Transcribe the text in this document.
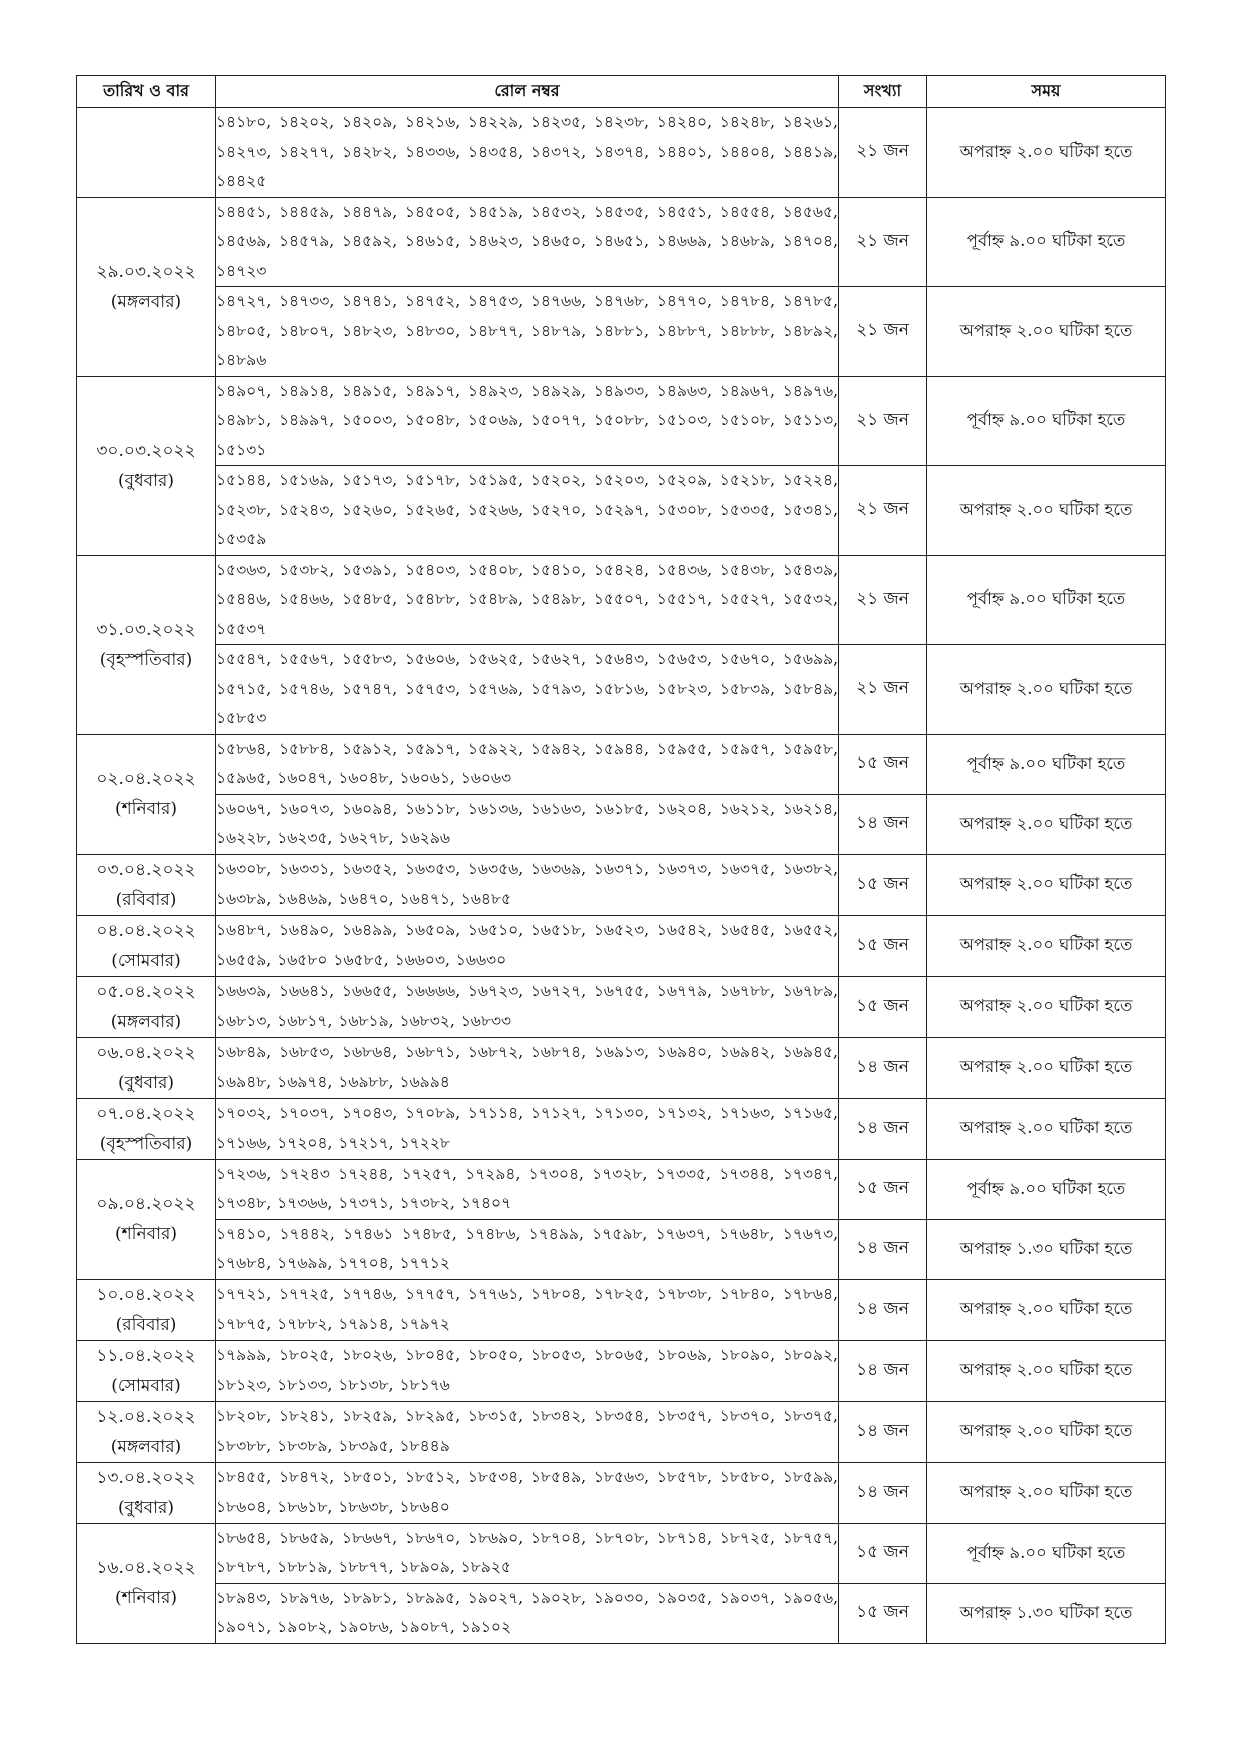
তারিখ ও বার	রোল নম্বর	সংখ্যা	সময়

	১৪১৮০, ১৪২০২, ১৪২০৯, ১৪২১৬, ১৪২২৯, ১৪২৩৫, ১৪২৩৮, ১৪২৪০, ১৪২৪৮, ১৪২৬১, ১৪২৭৩, ১৪২৭৭, ১৪২৮২, ১৪৩৩৬, ১৪৩৫৪, ১৪৩৭২, ১৪৩৭৪, ১৪৪০১, ১৪৪০৪, ১৪৪১৯, ১৪৪২৫	২১ জন	অপরাহ্ন ২.০০ ঘটিকা হতে

২৯.০৩.২০২২
(মঙ্গলবার)	১৪৪৫১, ১৪৪৫৯, ১৪৪৭৯, ১৪৫০৫, ১৪৫১৯, ১৪৫৩২, ১৪৫৩৫, ১৪৫৫১, ১৪৫৫৪, ১৪৫৬৫, ১৪৫৬৯, ১৪৫৭৯, ১৪৫৯২, ১৪৬১৫, ১৪৬২৩, ১৪৬৫০, ১৪৬৫১, ১৪৬৬৯, ১৪৬৮৯, ১৪৭০৪, ১৪৭২৩	২১ জন	পূর্বাহ্ন ৯.০০ ঘটিকা হতে
	১৪৭২৭, ১৪৭৩৩, ১৪৭৪১, ১৪৭৫২, ১৪৭৫৩, ১৪৭৬৬, ১৪৭৬৮, ১৪৭৭০, ১৪৭৮৪, ১৪৭৮৫, ১৪৮০৫, ১৪৮০৭, ১৪৮২৩, ১৪৮৩০, ১৪৮৭৭, ১৪৮৭৯, ১৪৮৮১, ১৪৮৮৭, ১৪৮৮৮, ১৪৮৯২, ১৪৮৯৬	২১ জন	অপরাহ্ন ২.০০ ঘটিকা হতে

৩০.০৩.২০২২
(বুধবার)	১৪৯০৭, ১৪৯১৪, ১৪৯১৫, ১৪৯১৭, ১৪৯২৩, ১৪৯২৯, ১৪৯৩৩, ১৪৯৬৩, ১৪৯৬৭, ১৪৯৭৬, ১৪৯৮১, ১৪৯৯৭, ১৫০০৩, ১৫০৪৮, ১৫০৬৯, ১৫০৭৭, ১৫০৮৮, ১৫১০৩, ১৫১০৮, ১৫১১৩, ১৫১৩১	২১ জন	পূর্বাহ্ন ৯.০০ ঘটিকা হতে
	১৫১৪৪, ১৫১৬৯, ১৫১৭৩, ১৫১৭৮, ১৫১৯৫, ১৫২০২, ১৫২০৩, ১৫২০৯, ১৫২১৮, ১৫২২৪, ১৫২৩৮, ১৫২৪৩, ১৫২৬০, ১৫২৬৫, ১৫২৬৬, ১৫২৭০, ১৫২৯৭, ১৫৩০৮, ১৫৩৩৫, ১৫৩৪১, ১৫৩৫৯	২১ জন	অপরাহ্ন ২.০০ ঘটিকা হতে

৩১.০৩.২০২২
(বৃহস্পতিবার)	১৫৩৬৩, ১৫৩৮২, ১৫৩৯১, ১৫৪০৩, ১৫৪০৮, ১৫৪১০, ১৫৪২৪, ১৫৪৩৬, ১৫৪৩৮, ১৫৪৩৯, ১৫৪৪৬, ১৫৪৬৬, ১৫৪৮৫, ১৫৪৮৮, ১৫৪৮৯, ১৫৪৯৮, ১৫৫০৭, ১৫৫১৭, ১৫৫২৭, ১৫৫৩২, ১৫৫৩৭	২১ জন	পূর্বাহ্ন ৯.০০ ঘটিকা হতে
	১৫৫৪৭, ১৫৫৬৭, ১৫৫৮৩, ১৫৬০৬, ১৫৬২৫, ১৫৬২৭, ১৫৬৪৩, ১৫৬৫৩, ১৫৬৭০, ১৫৬৯৯, ১৫৭১৫, ১৫৭৪৬, ১৫৭৪৭, ১৫৭৫৩, ১৫৭৬৯, ১৫৭৯৩, ১৫৮১৬, ১৫৮২৩, ১৫৮৩৯, ১৫৮৪৯, ১৫৮৫৩	২১ জন	অপরাহ্ন ২.০০ ঘটিকা হতে

০২.০৪.২০২২
(শনিবার)	১৫৮৬৪, ১৫৮৮৪, ১৫৯১২, ১৫৯১৭, ১৫৯২২, ১৫৯৪২, ১৫৯৪৪, ১৫৯৫৫, ১৫৯৫৭, ১৫৯৫৮, ১৫৯৬৫, ১৬০৪৭, ১৬০৪৮, ১৬০৬১, ১৬০৬৩	১৫ জন	পূর্বাহ্ন ৯.০০ ঘটিকা হতে
	১৬০৬৭, ১৬০৭৩, ১৬০৯৪, ১৬১১৮, ১৬১৩৬, ১৬১৬৩, ১৬১৮৫, ১৬২০৪, ১৬২১২, ১৬২১৪, ১৬২২৮, ১৬২৩৫, ১৬২৭৮, ১৬২৯৬	১৪ জন	অপরাহ্ন ২.০০ ঘটিকা হতে

০৩.০৪.২০২২
(রবিবার)	১৬৩০৮, ১৬৩৩১, ১৬৩৫২, ১৬৩৫৩, ১৬৩৫৬, ১৬৩৬৯, ১৬৩৭১, ১৬৩৭৩, ১৬৩৭৫, ১৬৩৮২, ১৬৩৮৯, ১৬৪৬৯, ১৬৪৭০, ১৬৪৭১, ১৬৪৮৫	১৫ জন	অপরাহ্ন ২.০০ ঘটিকা হতে

০৪.০৪.২০২২
(সোমবার)	১৬৪৮৭, ১৬৪৯০, ১৬৪৯৯, ১৬৫০৯, ১৬৫১০, ১৬৫১৮, ১৬৫২৩, ১৬৫৪২, ১৬৫৪৫, ১৬৫৫২, ১৬৫৫৯, ১৬৫৮০ ১৬৫৮৫, ১৬৬০৩, ১৬৬৩০	১৫ জন	অপরাহ্ন ২.০০ ঘটিকা হতে

০৫.০৪.২০২২
(মঙ্গলবার)	১৬৬৩৯, ১৬৬৪১, ১৬৬৫৫, ১৬৬৬৬, ১৬৭২৩, ১৬৭২৭, ১৬৭৫৫, ১৬৭৭৯, ১৬৭৮৮, ১৬৭৮৯, ১৬৮১৩, ১৬৮১৭, ১৬৮১৯, ১৬৮৩২, ১৬৮৩৩	১৫ জন	অপরাহ্ন ২.০০ ঘটিকা হতে

০৬.০৪.২০২২
(বুধবার)	১৬৮৪৯, ১৬৮৫৩, ১৬৮৬৪, ১৬৮৭১, ১৬৮৭২, ১৬৮৭৪, ১৬৯১৩, ১৬৯৪০, ১৬৯৪২, ১৬৯৪৫, ১৬৯৪৮, ১৬৯৭৪, ১৬৯৮৮, ১৬৯৯৪	১৪ জন	অপরাহ্ন ২.০০ ঘটিকা হতে

০৭.০৪.২০২২
(বৃহস্পতিবার)	১৭০৩২, ১৭০৩৭, ১৭০৪৩, ১৭০৮৯, ১৭১১৪, ১৭১২৭, ১৭১৩০, ১৭১৩২, ১৭১৬৩, ১৭১৬৫, ১৭১৬৬, ১৭২০৪, ১৭২১৭, ১৭২২৮	১৪ জন	অপরাহ্ন ২.০০ ঘটিকা হতে

০৯.০৪.২০২২
(শনিবার)	১৭২৩৬, ১৭২৪৩ ১৭২৪৪, ১৭২৫৭, ১৭২৯৪, ১৭৩০৪, ১৭৩২৮, ১৭৩৩৫, ১৭৩৪৪, ১৭৩৪৭, ১৭৩৪৮, ১৭৩৬৬, ১৭৩৭১, ১৭৩৮২, ১৭৪০৭	১৫ জন	পূর্বাহ্ন ৯.০০ ঘটিকা হতে
	১৭৪১০, ১৭৪৪২, ১৭৪৬১ ১৭৪৮৫, ১৭৪৮৬, ১৭৪৯৯, ১৭৫৯৮, ১৭৬৩৭, ১৭৬৪৮, ১৭৬৭৩, ১৭৬৮৪, ১৭৬৯৯, ১৭৭০৪, ১৭৭১২	১৪ জন	অপরাহ্ন ১.৩০ ঘটিকা হতে

১০.০৪.২০২২
(রবিবার)	১৭৭২১, ১৭৭২৫, ১৭৭৪৬, ১৭৭৫৭, ১৭৭৬১, ১৭৮০৪, ১৭৮২৫, ১৭৮৩৮, ১৭৮৪০, ১৭৮৬৪, ১৭৮৭৫, ১৭৮৮২, ১৭৯১৪, ১৭৯৭২	১৪ জন	অপরাহ্ন ২.০০ ঘটিকা হতে

১১.০৪.২০২২
(সোমবার)	১৭৯৯৯, ১৮০২৫, ১৮০২৬, ১৮০৪৫, ১৮০৫০, ১৮০৫৩, ১৮০৬৫, ১৮০৬৯, ১৮০৯০, ১৮০৯২, ১৮১২৩, ১৮১৩৩, ১৮১৩৮, ১৮১৭৬	১৪ জন	অপরাহ্ন ২.০০ ঘটিকা হতে

১২.০৪.২০২২
(মঙ্গলবার)	১৮২০৮, ১৮২৪১, ১৮২৫৯, ১৮২৯৫, ১৮৩১৫, ১৮৩৪২, ১৮৩৫৪, ১৮৩৫৭, ১৮৩৭০, ১৮৩৭৫, ১৮৩৮৮, ১৮৩৮৯, ১৮৩৯৫, ১৮৪৪৯	১৪ জন	অপরাহ্ন ২.০০ ঘটিকা হতে

১৩.০৪.২০২২
(বুধবার)	১৮৪৫৫, ১৮৪৭২, ১৮৫০১, ১৮৫১২, ১৮৫৩৪, ১৮৫৪৯, ১৮৫৬৩, ১৮৫৭৮, ১৮৫৮০, ১৮৫৯৯, ১৮৬০৪, ১৮৬১৮, ১৮৬৩৮, ১৮৬৪০	১৪ জন	অপরাহ্ন ২.০০ ঘটিকা হতে

১৬.০৪.২০২২
(শনিবার)	১৮৬৫৪, ১৮৬৫৯, ১৮৬৬৭, ১৮৬৭০, ১৮৬৯০, ১৮৭০৪, ১৮৭০৮, ১৮৭১৪, ১৮৭২৫, ১৮৭৫৭, ১৮৭৮৭, ১৮৮১৯, ১৮৮৭৭, ১৮৯০৯, ১৮৯২৫	১৫ জন	পূর্বাহ্ন ৯.০০ ঘটিকা হতে
	১৮৯৪৩, ১৮৯৭৬, ১৮৯৮১, ১৮৯৯৫, ১৯০২৭, ১৯০২৮, ১৯০৩০, ১৯০৩৫, ১৯০৩৭, ১৯০৫৬, ১৯০৭১, ১৯০৮২, ১৯০৮৬, ১৯০৮৭, ১৯১০২	১৫ জন	অপরাহ্ন ১.৩০ ঘটিকা হতে
